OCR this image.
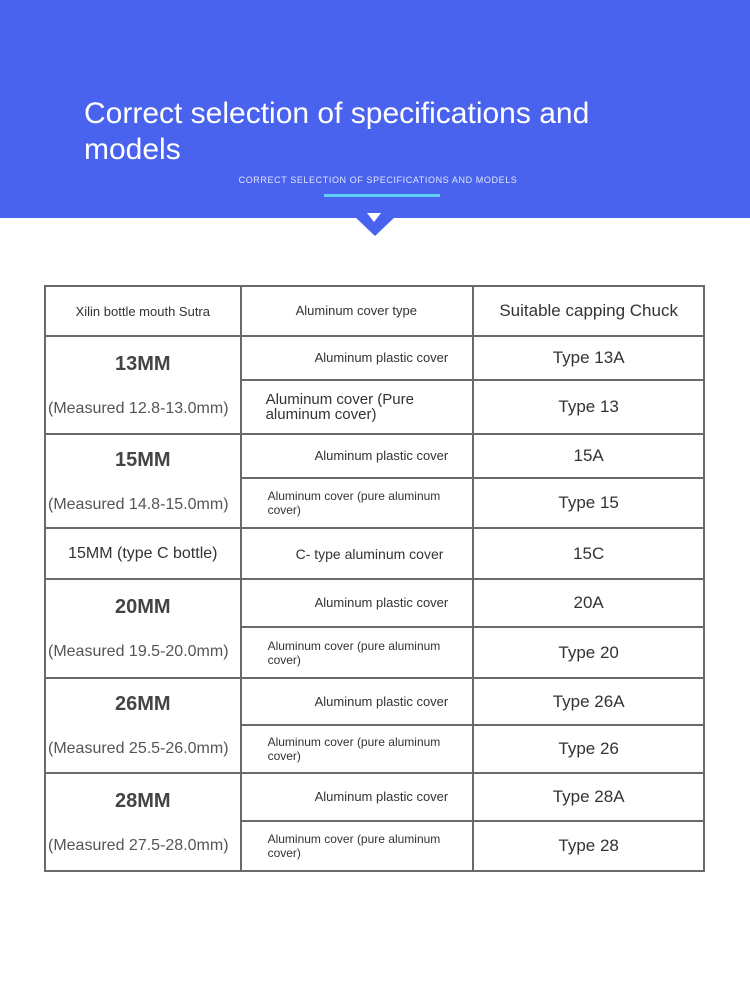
Correct selection of specifications and models
CORRECT SELECTION OF SPECIFICATIONS AND MODELS
Xilin bottle mouth Sutra	Aluminum cover type	Suitable capping Chuck

13MM
(Measured 12.8-13.0mm)	Aluminum plastic cover	Type 13A
	Aluminum cover (Pure aluminum cover)	Type 13

15MM
(Measured 14.8-15.0mm)	Aluminum plastic cover	15A
	Aluminum cover (pure aluminum cover)	Type 15
15MM (type C bottle)	C- type aluminum cover	15C

20MM
(Measured 19.5-20.0mm)	Aluminum plastic cover	20A
	Aluminum cover (pure aluminum cover)	Type 20

26MM
(Measured 25.5-26.0mm)	Aluminum plastic cover	Type 26A
	Aluminum cover (pure aluminum cover)	Type 26

28MM
(Measured 27.5-28.0mm)	Aluminum plastic cover	Type 28A
	Aluminum cover (pure aluminum cover)	Type 28
